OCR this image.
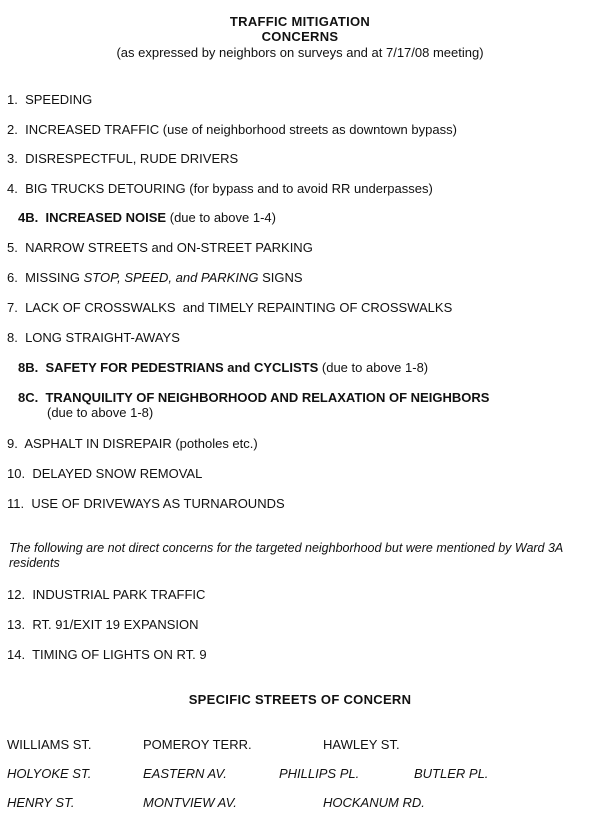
TRAFFIC MITIGATION
CONCERNS
(as expressed by neighbors on surveys and at 7/17/08 meeting)
1. SPEEDING
2. INCREASED TRAFFIC (use of neighborhood streets as downtown bypass)
3. DISRESPECTFUL, RUDE DRIVERS
4. BIG TRUCKS DETOURING (for bypass and to avoid RR underpasses)
4B. INCREASED NOISE (due to above 1-4)
5. NARROW STREETS and ON-STREET PARKING
6. MISSING STOP, SPEED, and PARKING SIGNS
7. LACK OF CROSSWALKS  and TIMELY REPAINTING OF CROSSWALKS
8. LONG STRAIGHT-AWAYS
8B. SAFETY FOR PEDESTRIANS and CYCLISTS (due to above 1-8)
8C. TRANQUILITY OF NEIGHBORHOOD AND RELAXATION OF NEIGHBORS
(due to above 1-8)
9. ASPHALT IN DISREPAIR (potholes etc.)
10. DELAYED SNOW REMOVAL
11. USE OF DRIVEWAYS AS TURNAROUNDS
The following are not direct concerns for the targeted neighborhood but were mentioned by Ward 3A residents
12. INDUSTRIAL PARK TRAFFIC
13. RT. 91/EXIT 19 EXPANSION
14. TIMING OF LIGHTS ON RT. 9
SPECIFIC STREETS OF CONCERN
WILLIAMS ST.	POMEROY TERR.	HAWLEY ST.
HOLYOKE ST.	EASTERN AV.	PHILLIPS PL.	BUTLER PL.
HENRY ST.	MONTVIEW AV.	HOCKANUM RD.
